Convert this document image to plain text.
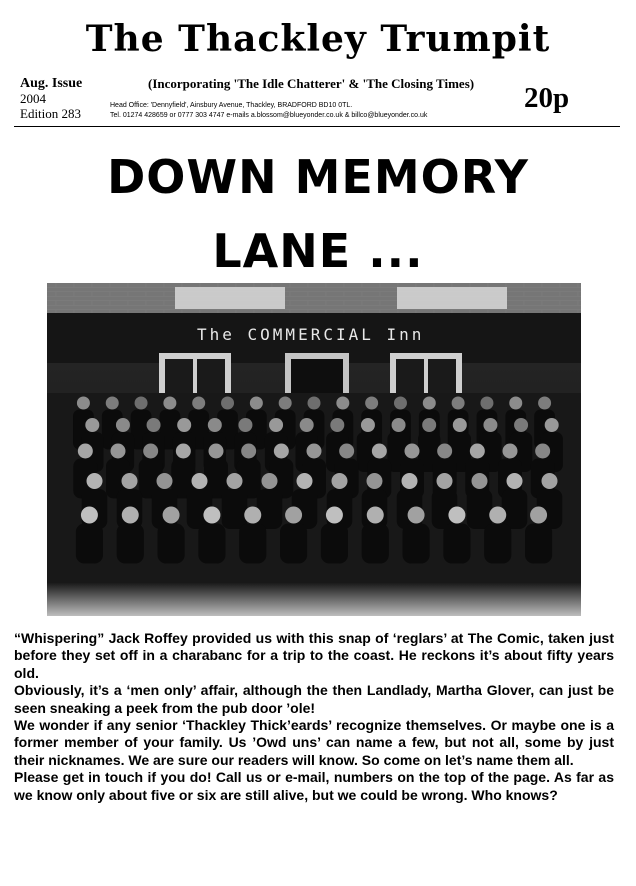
The Thackley Trumpit
Aug. Issue
2004
Edition 283
(Incorporating 'The Idle Chatterer' & 'The Closing Times)
Head Office: 'Dennyfield', Ainsbury Avenue, Thackley, BRADFORD BD10 0TL.
Tel. 01274 428659 or 0777 303 4747 e-mails a.blossom@blueyonder.co.uk & billco@blueyonder.co.uk
20p
DOWN MEMORY
LANE ...
The COMMERCIAL Inn

“Whispering” Jack Roffey provided us with this snap of ‘reglars’ at The Comic, taken just before they set off in a charabanc for a trip to the coast. He reckons it’s about fifty years old.

Obviously, it’s a ‘men only’ affair, although the then Landlady, Martha Glover, can just be seen sneaking a peek from the pub door ’ole!

We wonder if any senior ‘Thackley Thick’eards’ recognize themselves. Or maybe one is a former member of your family. Us ’Owd uns’ can name a few, but not all, some by just their nicknames. We are sure our readers will know. So come on let’s name them all.

Please get in touch if you do! Call us or e-mail, numbers on the top of the page. As far as we know only about five or six are still alive, but we could be wrong. Who knows?
